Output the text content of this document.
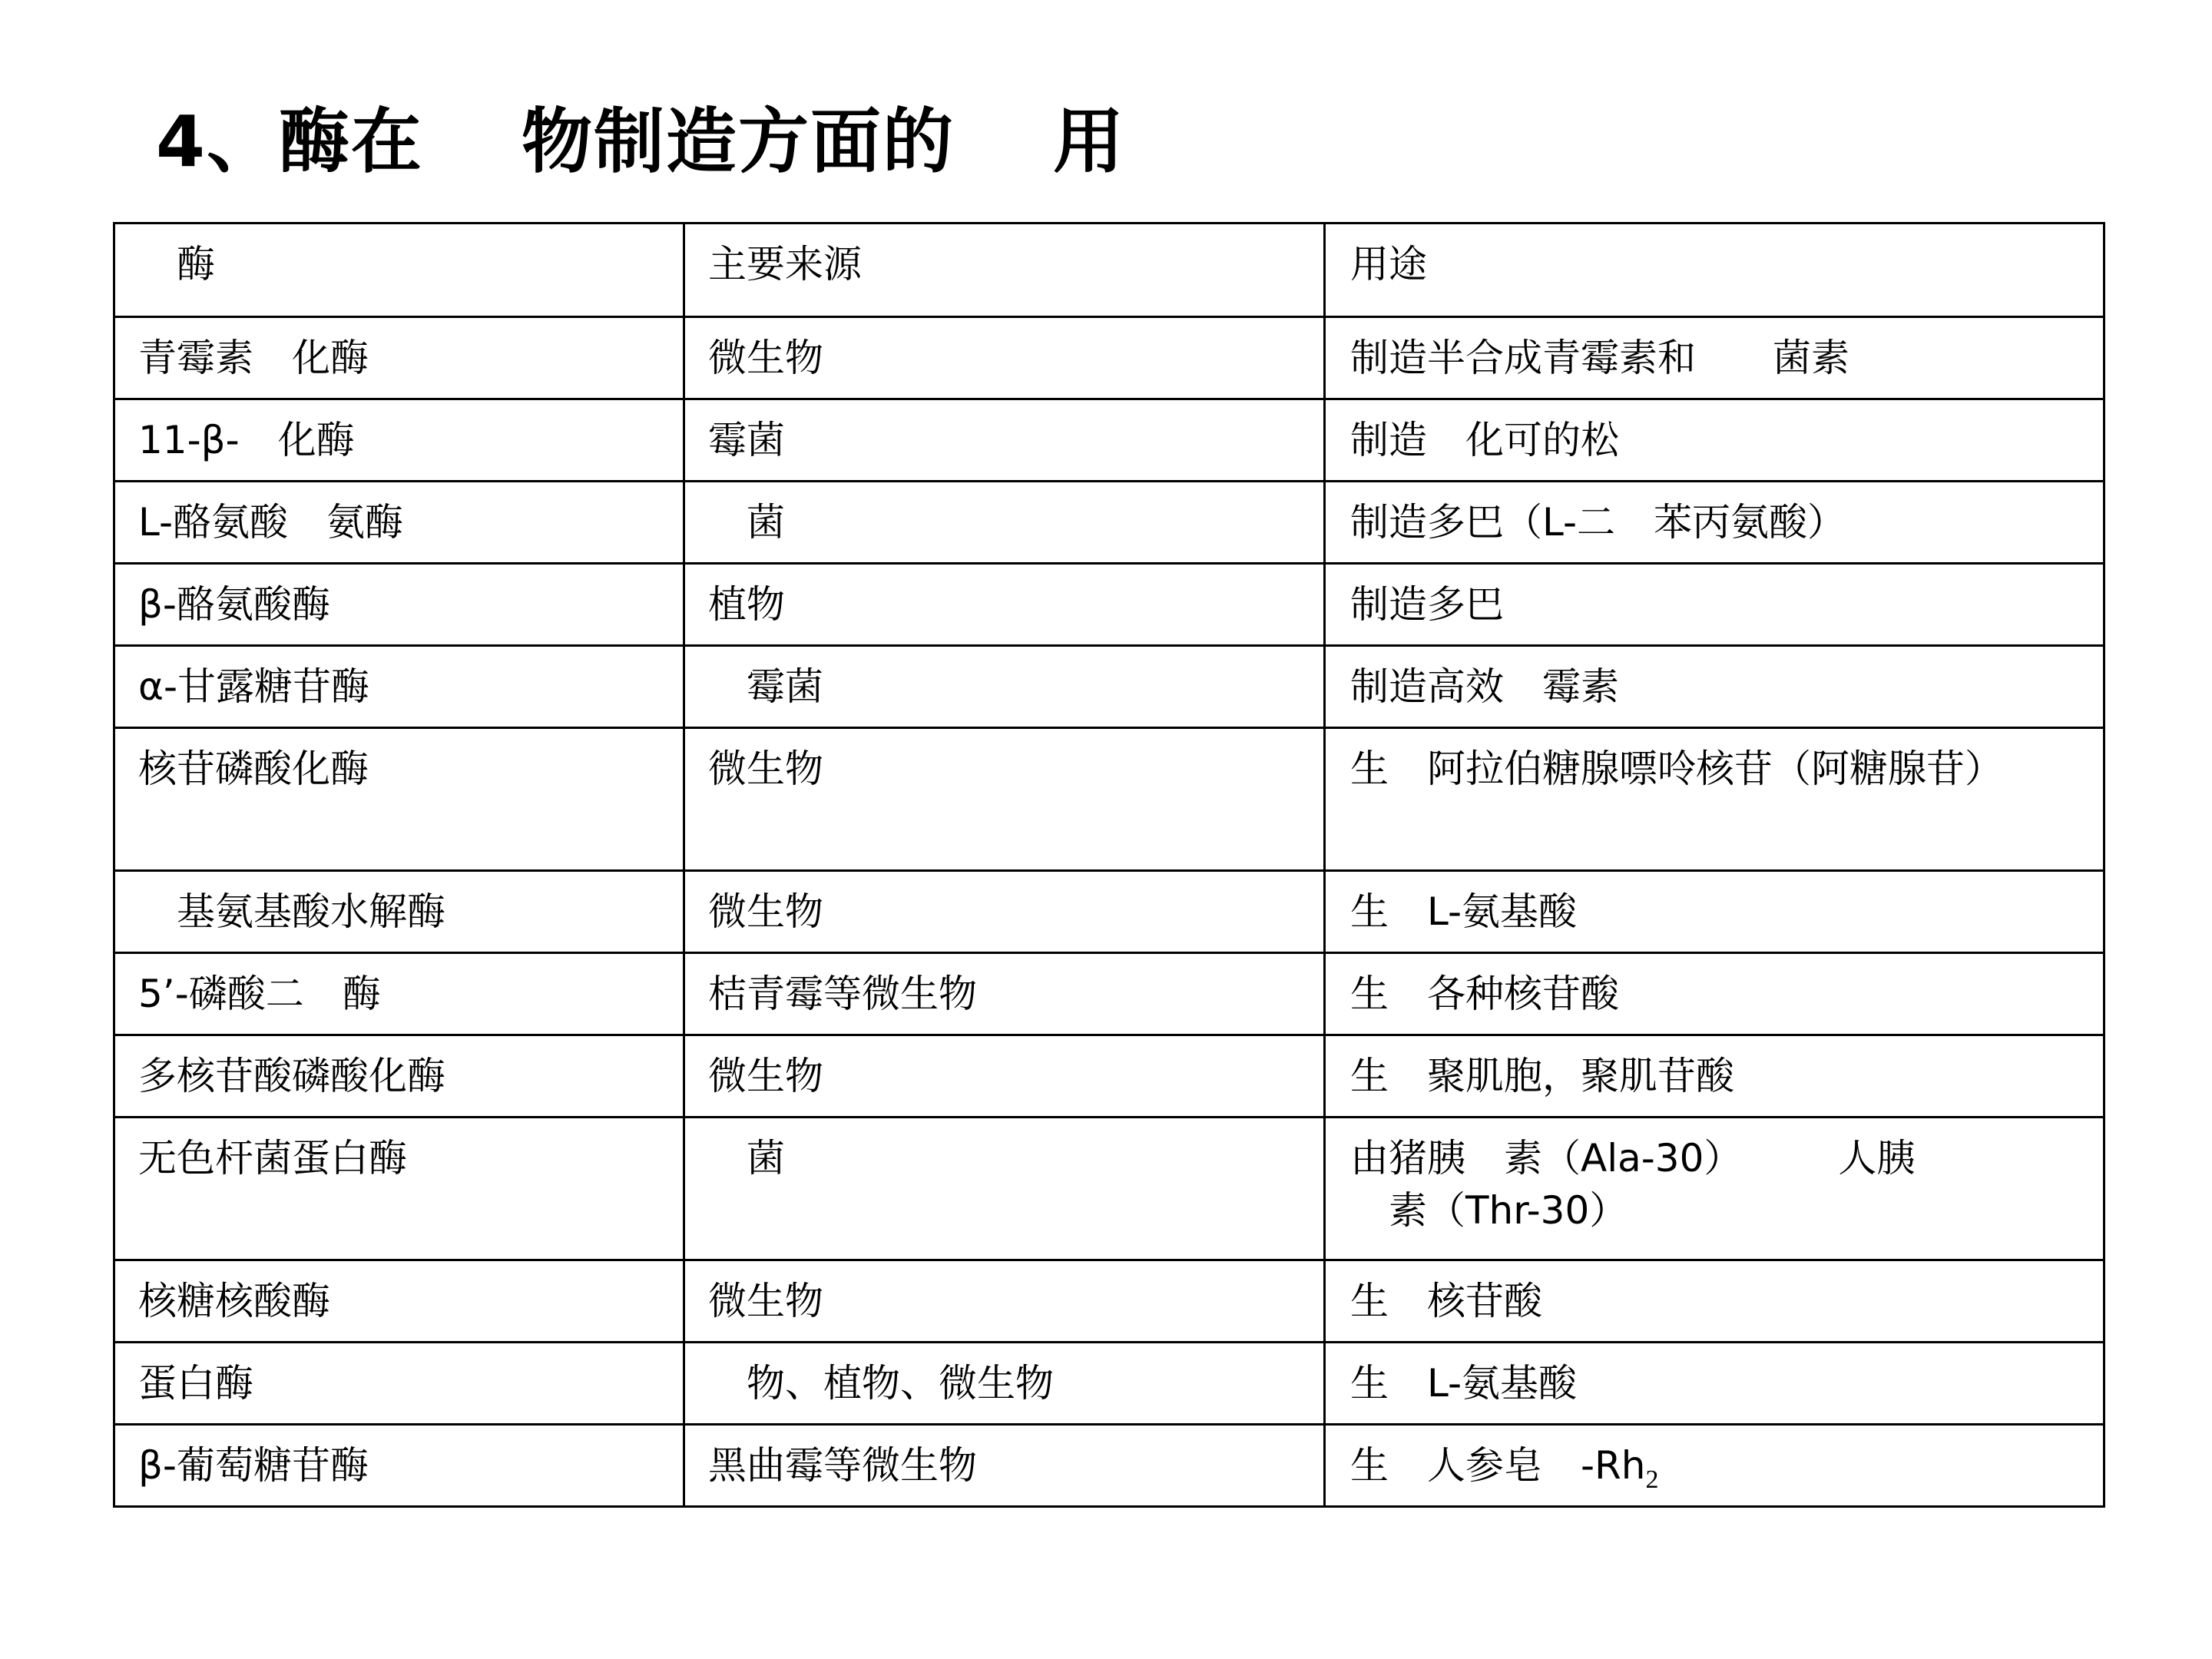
4、酶在　 物制造方面的　 用
　酶	主要来源	用途
青霉素　化酶	微生物	制造半合成青霉素和　　菌素
11-β-　化酶	霉菌	制造　化可的松
L-酪氨酸　氨酶	　菌	制造多巴（L-二　苯丙氨酸）
β-酪氨酸酶	植物	制造多巴
α-甘露糖苷酶	　霉菌	制造高效　霉素
核苷磷酸化酶	微生物	生　阿拉伯糖腺嘌呤核苷（阿糖腺苷）
　基氨基酸水解酶	微生物	生　L-氨基酸
5’-磷酸二　酶	桔青霉等微生物	生　各种核苷酸
多核苷酸磷酸化酶	微生物	生　聚肌胞，聚肌苷酸
无色杆菌蛋白酶	　菌	由猪胰　素（Ala-30）　　　人胰
　素（Thr-30）
核糖核酸酶	微生物	生　核苷酸
蛋白酶	　物、植物、微生物	生　L-氨基酸
β-葡萄糖苷酶	黑曲霉等微生物	生　人参皂　$-Rh_2$
